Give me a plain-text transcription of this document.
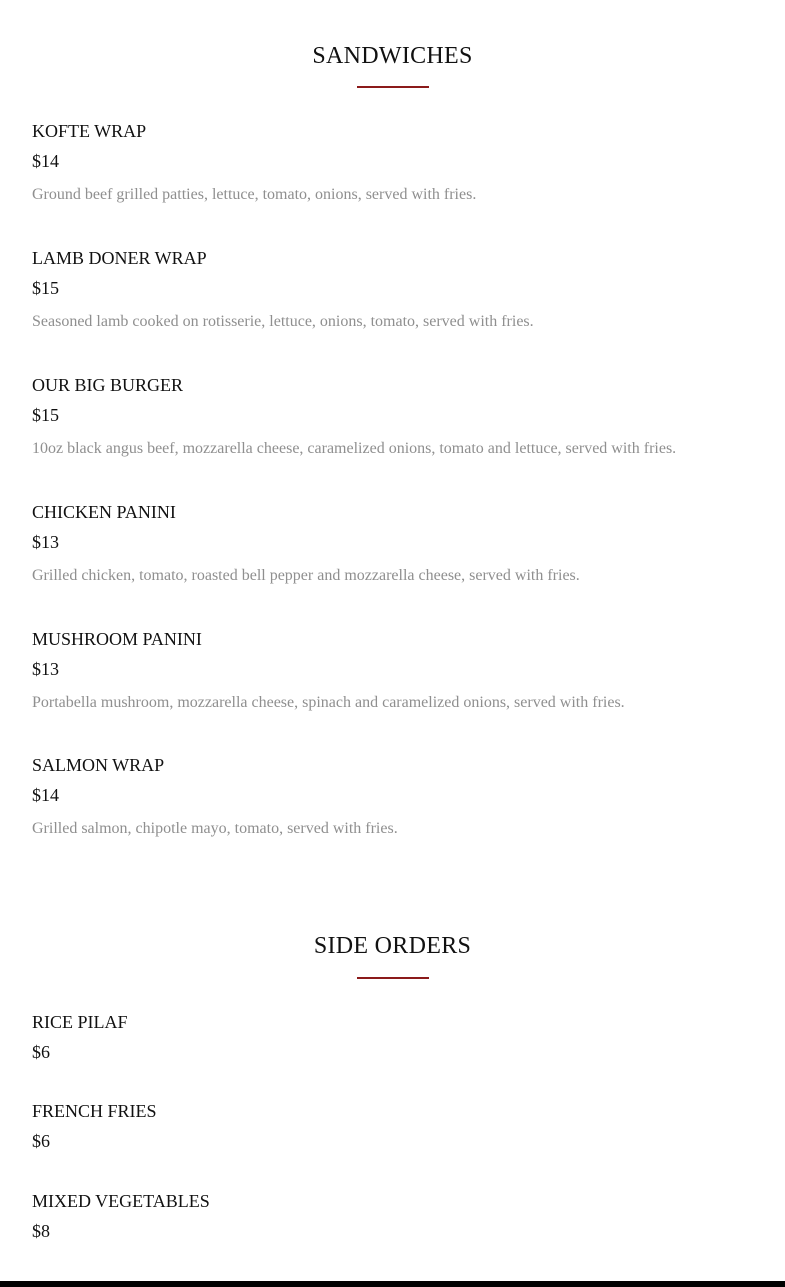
SANDWICHES
KOFTE WRAP
$14
Ground beef grilled patties, lettuce, tomato, onions, served with fries.
LAMB DONER WRAP
$15
Seasoned lamb cooked on rotisserie, lettuce, onions, tomato, served with fries.
OUR BIG BURGER
$15
10oz black angus beef, mozzarella cheese, caramelized onions, tomato and lettuce, served with fries.
CHICKEN PANINI
$13
Grilled chicken, tomato, roasted bell pepper and mozzarella cheese, served with fries.
MUSHROOM PANINI
$13
Portabella mushroom, mozzarella cheese, spinach and caramelized onions, served with fries.
SALMON WRAP
$14
Grilled salmon, chipotle mayo, tomato, served with fries.
SIDE ORDERS
RICE PILAF
$6
FRENCH FRIES
$6
MIXED VEGETABLES
$8
